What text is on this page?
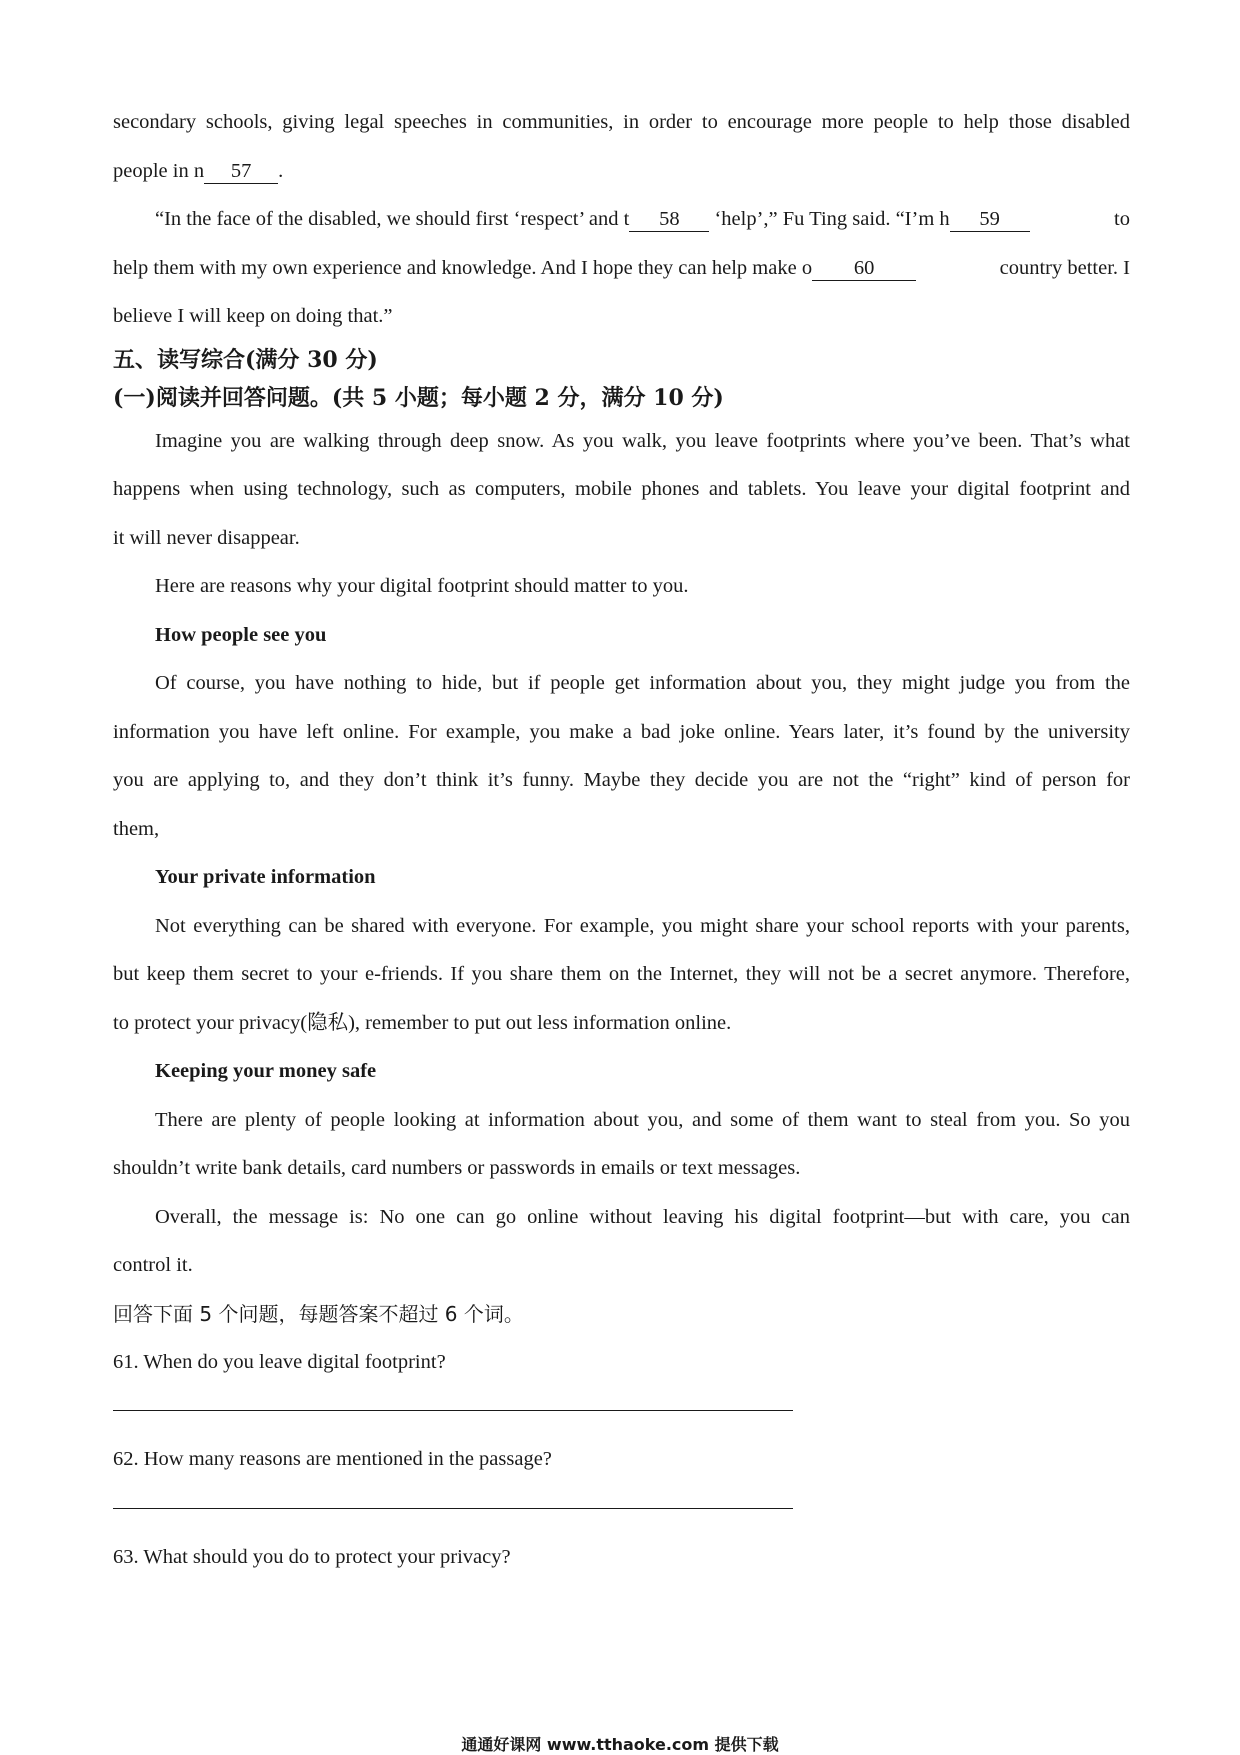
secondary schools, giving legal speeches in communities, in order to encourage more people to help those disabled

people in n 57 .

“In the face of the disabled, we should first ‘respect’ and t 58 ‘help’,” Fu Ting said. “I’m h 59	to

help them with my own experience and knowledge. And I hope they can help make o 60	country better. I

believe I will keep on doing that.”

五、读写综合(满分 30 分)

(一)阅读并回答问题。(共 5 小题；每小题 2 分，满分 10 分)

Imagine you are walking through deep snow. As you walk, you leave footprints where you’ve been. That’s what

happens when using technology, such as computers, mobile phones and tablets. You leave your digital footprint and

it will never disappear.

Here are reasons why your digital footprint should matter to you.

How people see you

Of course, you have nothing to hide, but if people get information about you, they might judge you from the

information you have left online. For example, you make a bad joke online. Years later, it’s found by the university

you are applying to, and they don’t think it’s funny. Maybe they decide you are not the “right” kind of person for

them,

Your private information

Not everything can be shared with everyone. For example, you might share your school reports with your parents,

but keep them secret to your e-friends. If you share them on the Internet, they will not be a secret anymore. Therefore,

to protect your privacy(隐私), remember to put out less information online.

Keeping your money safe

There are plenty of people looking at information about you, and some of them want to steal from you. So you

shouldn’t write bank details, card numbers or passwords in emails or text messages.

Overall, the message is: No one can go online without leaving his digital footprint—but with care, you can

control it.

回答下面 5 个问题，每题答案不超过 6 个词。

61. When do you leave digital footprint?

62. How many reasons are mentioned in the passage?

63. What should you do to protect your privacy?

通通好课网 www.tthaoke.com 提供下载
